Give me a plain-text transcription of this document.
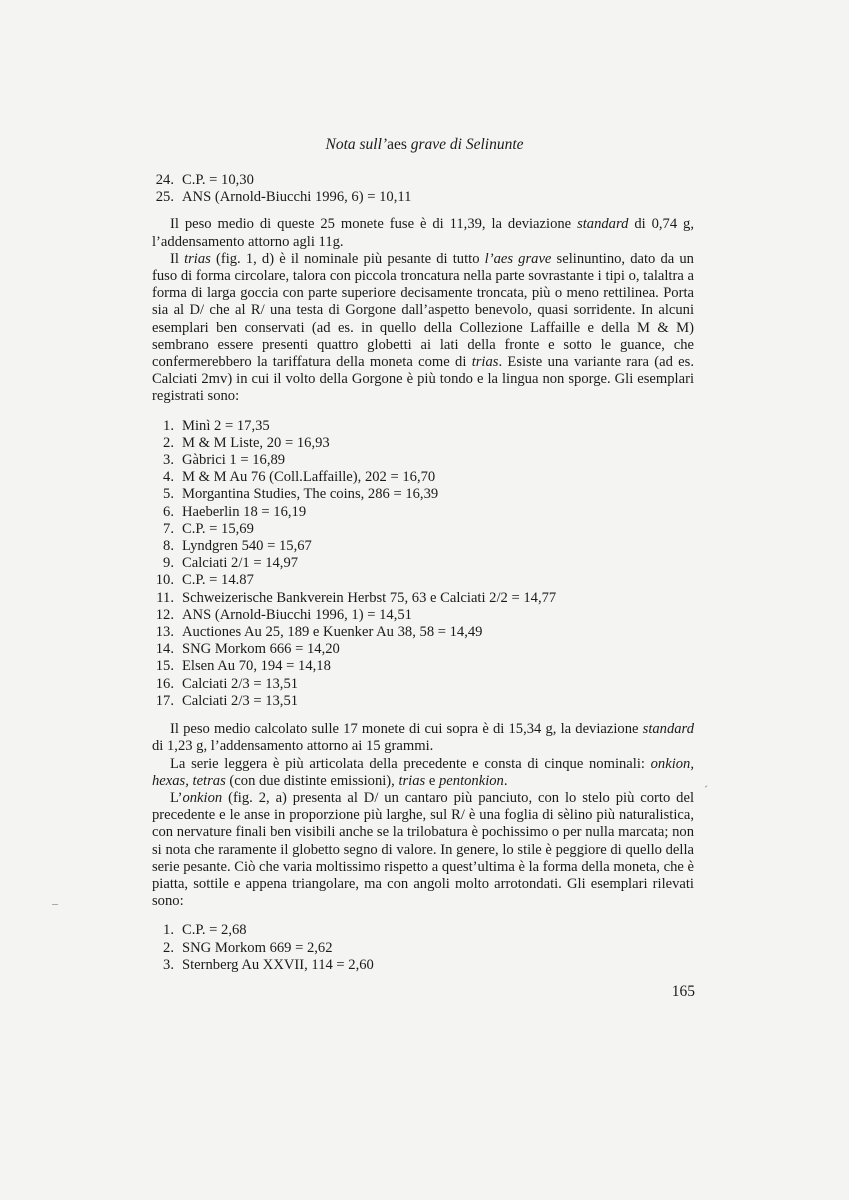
Nota sull’aes grave di Selinunte
24. C.P. = 10,30
25. ANS (Arnold-Biucchi 1996, 6) = 10,11

Il peso medio di queste 25 monete fuse è di 11,39, la deviazione standard di 0,74 g, l’addensamento attorno agli 11g.

Il trias (fig. 1, d) è il nominale più pesante di tutto l’aes grave selinuntino, dato da un fuso di forma circolare, talora con piccola troncatura nella parte sovrastante i tipi o, talaltra a forma di larga goccia con parte superiore decisamente troncata, più o meno rettilinea. Porta sia al D/ che al R/ una testa di Gorgone dall’aspetto benevolo, quasi sorridente. In alcuni esemplari ben conservati (ad es. in quello della Collezione Laffaille e della M & M) sembrano essere presenti quattro globetti ai lati della fronte e sotto le guance, che confermerebbero la tariffatura della moneta come di trias. Esiste una variante rara (ad es. Calciati 2mv) in cui il volto della Gorgone è più tondo e la lingua non sporge. Gli esemplari registrati sono:

1. Minì 2 = 17,35
2. M & M Liste, 20 = 16,93
3. Gàbrici 1 = 16,89
4. M & M Au 76 (Coll.Laffaille), 202 = 16,70
5. Morgantina Studies, The coins, 286 = 16,39
6. Haeberlin 18 = 16,19
7. C.P. = 15,69
8. Lyndgren 540 = 15,67
9. Calciati 2/1 = 14,97
10. C.P. = 14.87
11. Schweizerische Bankverein Herbst 75, 63 e Calciati 2/2 = 14,77
12. ANS (Arnold-Biucchi 1996, 1) = 14,51
13. Auctiones Au 25, 189 e Kuenker Au 38, 58 = 14,49
14. SNG Morkom 666 = 14,20
15. Elsen Au 70, 194 = 14,18
16. Calciati 2/3 = 13,51
17. Calciati 2/3 = 13,51

Il peso medio calcolato sulle 17 monete di cui sopra è di 15,34 g, la deviazione standard di 1,23 g, l’addensamento attorno ai 15 grammi.

La serie leggera è più articolata della precedente e consta di cinque nominali: onkion, hexas, tetras (con due distinte emissioni), trias e pentonkion.

L’onkion (fig. 2, a) presenta al D/ un cantaro più panciuto, con lo stelo più corto del precedente e le anse in proporzione più larghe, sul R/ è una foglia di sèlino più naturalistica, con nervature finali ben visibili anche se la trilobatura è pochissimo o per nulla marcata; non si nota che raramente il globetto segno di valore. In genere, lo stile è peggiore di quello della serie pesante. Ciò che varia moltissimo rispetto a quest’ultima è la forma della moneta, che è piatta, sottile e appena triangolare, ma con angoli molto arrotondati. Gli esemplari rilevati sono:

1. C.P. = 2,68
2. SNG Morkom 669 = 2,62
3. Sternberg Au XXVII, 114 = 2,60
165
ˊ
–
